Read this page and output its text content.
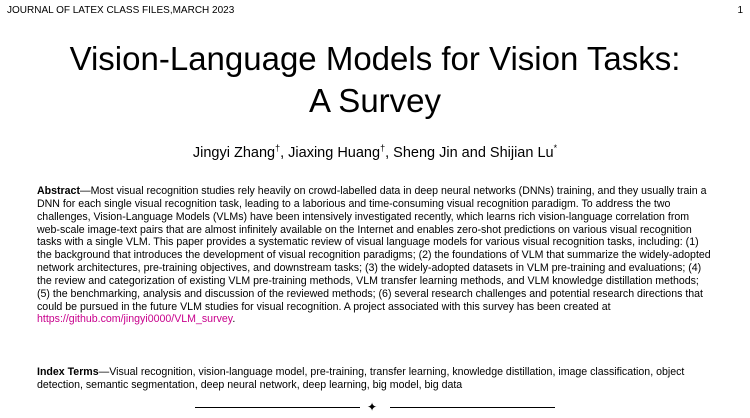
JOURNAL OF LATEX CLASS FILES,MARCH 2023	1
Vision-Language Models for Vision Tasks:
A Survey
Jingyi Zhang†, Jiaxing Huang†, Sheng Jin and Shijian Lu*
Abstract—Most visual recognition studies rely heavily on crowd-labelled data in deep neural networks (DNNs) training, and they usually train a DNN for each single visual recognition task, leading to a laborious and time-consuming visual recognition paradigm. To address the two challenges, Vision-Language Models (VLMs) have been intensively investigated recently, which learns rich vision-language correlation from web-scale image-text pairs that are almost infinitely available on the Internet and enables zero-shot predictions on various visual recognition tasks with a single VLM. This paper provides a systematic review of visual language models for various visual recognition tasks, including: (1) the background that introduces the development of visual recognition paradigms; (2) the foundations of VLM that summarize the widely-adopted network architectures, pre-training objectives, and downstream tasks; (3) the widely-adopted datasets in VLM pre-training and evaluations; (4) the review and categorization of existing VLM pre-training methods, VLM transfer learning methods, and VLM knowledge distillation methods; (5) the benchmarking, analysis and discussion of the reviewed methods; (6) several research challenges and potential research directions that could be pursued in the future VLM studies for visual recognition. A project associated with this survey has been created at https://github.com/jingyi0000/VLM_survey.
Index Terms—Visual recognition, vision-language model, pre-training, transfer learning, knowledge distillation, image classification, object detection, semantic segmentation, deep neural network, deep learning, big model, big data
✦
